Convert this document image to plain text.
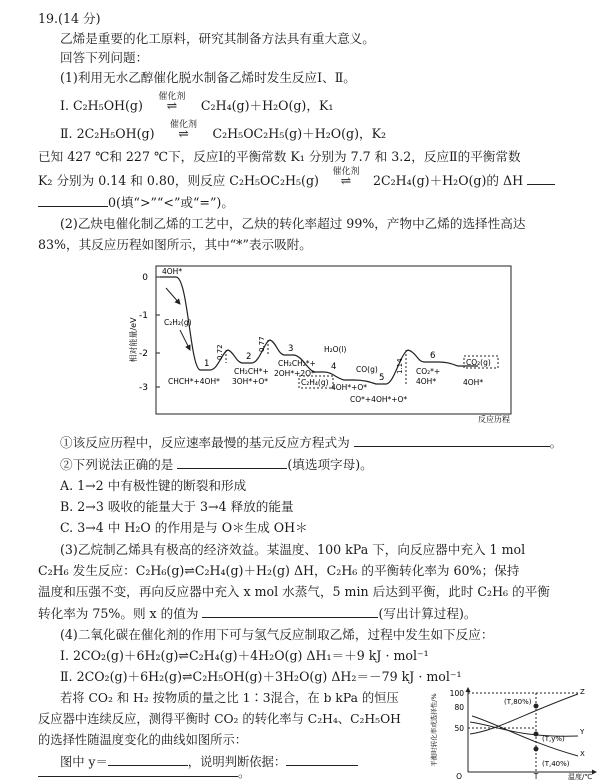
19.(14 分)
乙烯是重要的化工原料，研究其制备方法具有重大意义。
回答下列问题：
(1)利用无水乙醇催化脱水制备乙烯时发生反应Ⅰ、Ⅱ。
Ⅰ. C₂H₅OH(g)
催化剂
⇌ C₂H₄(g)＋H₂O(g)，K₁
Ⅱ. 2C₂H₅OH(g)
催化剂
⇌ C₂H₅OC₂H₅(g)＋H₂O(g)，K₂
已知 427 ℃和 227 ℃下，反应Ⅰ的平衡常数 K₁ 分别为 7.7 和 3.2，反应Ⅱ的平衡常数
K₂ 分别为 0.14 和 0.80，则反应 C₂H₅OC₂H₅(g)
催化剂
⇌ 2C₂H₄(g)＋H₂O(g)的 ΔH
0(填“>”“<”或“=”)。
(2)乙炔电催化制乙烯的工艺中，乙炔的转化率超过 99%，产物中乙烯的选择性高达
83%，其反应历程如图所示，其中“*”表示吸附。
相对能量/eV
0
-1
-2
-3
0.72
0.77
1.14
1
2
3
4
5
6
4OH*
C₂H₂(g)
CHCH*+4OH*
CH₂CH*+
3OH*+O*
CH₂CH₂*+
2OH*+2O*
H₂O(l)
C₂H₄(g)
4OH*+O*
CO(g)
CO*+4OH*+O*
CO₂*+
4OH*
CO₂(g)
4OH*
反应历程
①该反应历程中，反应速率最慢的基元反应方程式为	。
②下列说法正确的是	(填选项字母)。
A. 1→2 中有极性键的断裂和形成
B. 2→3 吸收的能量大于 3→4 释放的能量
C. 3→4 中 H₂O 的作用是与 O＊生成 OH＊
(3)乙烷制乙烯具有极高的经济效益。某温度、100 kPa 下，向反应器中充入 1 mol
C₂H₆ 发生反应：C₂H₆(g)⇌C₂H₄(g)＋H₂(g) ΔH，C₂H₆ 的平衡转化率为 60%；保持
温度和压强不变，再向反应器中充入 x mol 水蒸气，5 min 后达到平衡，此时 C₂H₆ 的平衡
转化率为 75%。则 x 的值为	(写出计算过程)。
(4)二氧化碳在催化剂的作用下可与氢气反应制取乙烯，过程中发生如下反应：
Ⅰ. 2CO₂(g)＋6H₂(g)⇌C₂H₄(g)＋4H₂O(g) ΔH₁＝＋9 kJ · mol⁻¹
Ⅱ. 2CO₂(g)＋6H₂(g)⇌C₂H₅OH(g)＋3H₂O(g) ΔH₂＝－79 kJ · mol⁻¹
若将 CO₂ 和 H₂ 按物质的量之比 1∶3混合，在 b kPa 的恒压
反应器中连续反应，测得平衡时 CO₂ 的转化率与 C₂H₄、C₂H₅OH
的选择性随温度变化的曲线如图所示：
图中 y＝	，说明判断依据：
。
平衡时转化率或选择性/% 100
80
50
O	T	温度/℃
Z
Y
X
(T,80%)
(T,y%)
(T,40%)
